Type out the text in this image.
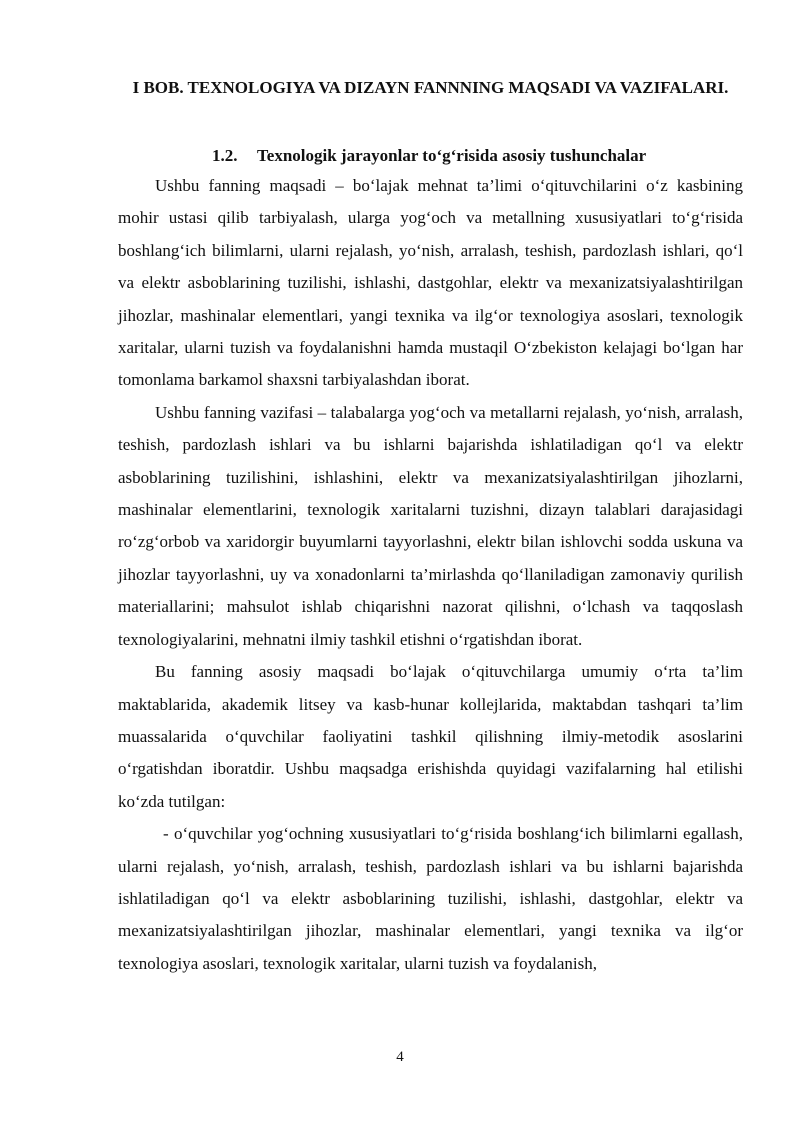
I BOB. TEXNOLOGIYA VA DIZAYN FANNNING MAQSADI VA VAZIFALARI.
1.2. Texnologik jarayonlar to‘g‘risida asosiy tushunchalar

Ushbu fanning maqsadi – bo‘lajak mehnat ta’limi o‘qituvchilarini o‘z kasbining mohir ustasi qilib tarbiyalash, ularga yog‘och va metallning xususiyatlari to‘g‘risida boshlang‘ich bilimlarni, ularni rejalash, yo‘nish, arralash, teshish, pardozlash ishlari, qo‘l va elektr asboblarining tuzilishi, ishlashi, dastgohlar, elektr va mexanizatsiyalashtirilgan jihozlar, mashinalar elementlari, yangi texnika va ilg‘or texnologiya asoslari, texnologik xaritalar, ularni tuzish va foydalanishni hamda mustaqil O‘zbekiston kelajagi bo‘lgan har tomonlama barkamol shaxsni tarbiyalashdan iborat.

Ushbu fanning vazifasi – talabalarga yog‘och va metallarni rejalash, yo‘nish, arralash, teshish, pardozlash ishlari va bu ishlarni bajarishda ishlatiladigan qo‘l va elektr asboblarining tuzilishini, ishlashini, elektr va mexanizatsiyalashtirilgan jihozlarni, mashinalar elementlarini, texnologik xaritalarni tuzishni, dizayn talablari darajasidagi ro‘zg‘orbob va xaridorgir buyumlarni tayyorlashni, elektr bilan ishlovchi sodda uskuna va jihozlar tayyorlashni, uy va xonadonlarni ta’mirlashda qo‘llaniladigan zamonaviy qurilish materiallarini; mahsulot ishlab chiqarishni nazorat qilishni, o‘lchash va taqqoslash texnologiyalarini, mehnatni ilmiy tashkil etishni o‘rgatishdan iborat.

Bu fanning asosiy maqsadi bo‘lajak o‘qituvchilarga umumiy o‘rta ta’lim maktablarida, akademik litsey va kasb-hunar kollejlarida, maktabdan tashqari ta’lim muassalarida o‘quvchilar faoliyatini tashkil qilishning ilmiy-metodik asoslarini o‘rgatishdan iboratdir. Ushbu maqsadga erishishda quyidagi vazifalarning hal etilishi ko‘zda tutilgan:

- o‘quvchilar yog‘ochning xususiyatlari to‘g‘risida boshlang‘ich bilimlarni egallash, ularni rejalash, yo‘nish, arralash, teshish, pardozlash ishlari va bu ishlarni bajarishda ishlatiladigan qo‘l va elektr asboblarining tuzilishi, ishlashi, dastgohlar, elektr va mexanizatsiyalashtirilgan jihozlar, mashinalar elementlari, yangi texnika va ilg‘or texnologiya asoslari, texnologik xaritalar, ularni tuzish va foydalanish,

4
